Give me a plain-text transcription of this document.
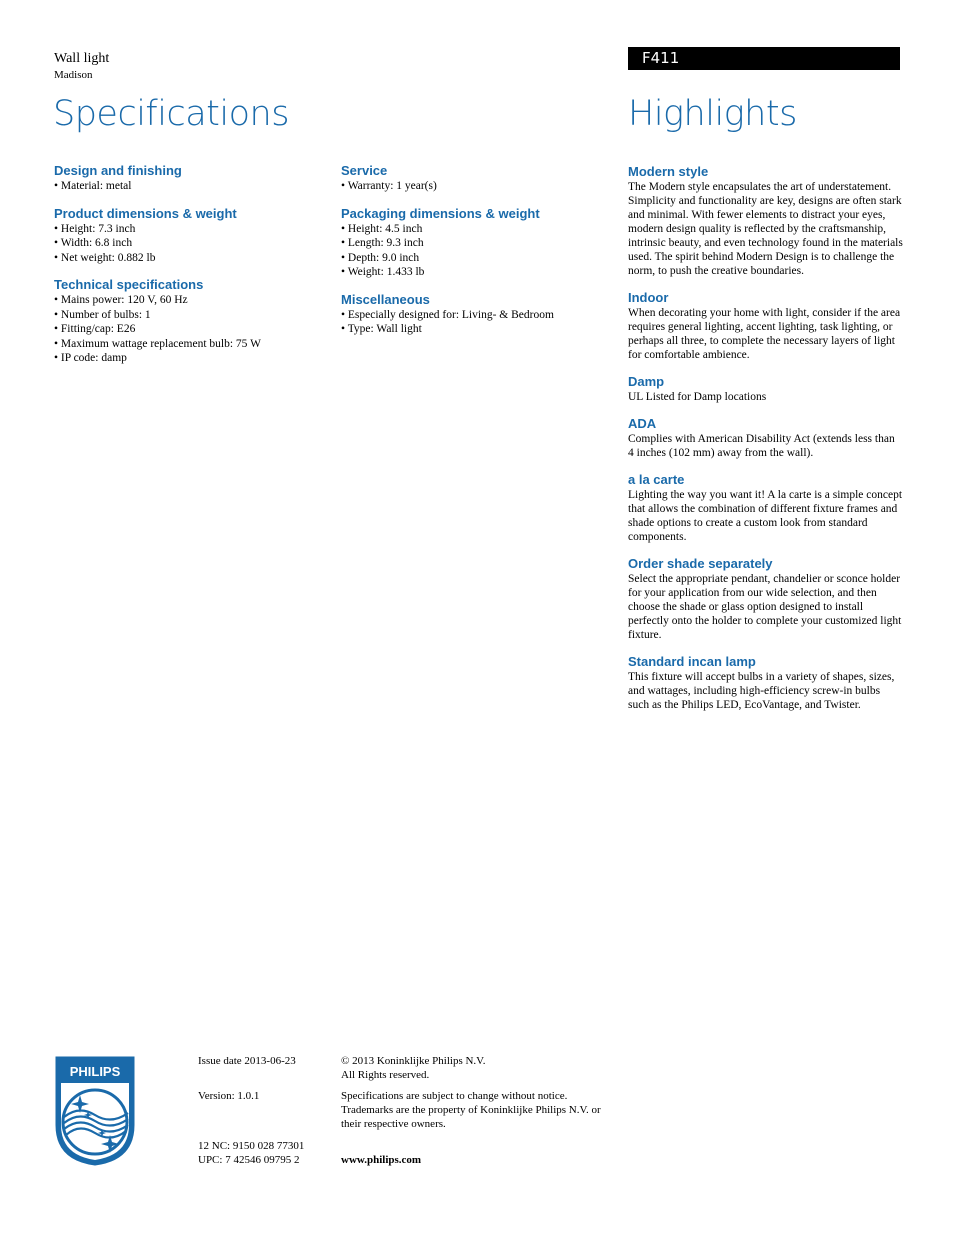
Wall light
Madison
Specifications
F411
Highlights
Design and finishing
• Material: metal
Product dimensions & weight
• Height: 7.3 inch
• Width: 6.8 inch
• Net weight: 0.882 lb
Technical specifications
• Mains power: 120 V, 60 Hz
• Number of bulbs: 1
• Fitting/cap: E26
• Maximum wattage replacement bulb: 75 W
• IP code: damp
Service
• Warranty: 1 year(s)
Packaging dimensions & weight
• Height: 4.5 inch
• Length: 9.3 inch
• Depth: 9.0 inch
• Weight: 1.433 lb
Miscellaneous
• Especially designed for: Living- & Bedroom
• Type: Wall light
Modern style
The Modern style encapsulates the art of understatement. Simplicity and functionality are key, designs are often stark and minimal. With fewer elements to distract your eyes, modern design quality is reflected by the craftsmanship, intrinsic beauty, and even technology found in the materials used. The spirit behind Modern Design is to challenge the norm, to push the creative boundaries.
Indoor
When decorating your home with light, consider if the area requires general lighting, accent lighting, task lighting, or perhaps all three, to complete the necessary layers of light for comfortable ambience.
Damp
UL Listed for Damp locations
ADA
Complies with American Disability Act (extends less than 4 inches (102 mm) away from the wall).
a la carte
Lighting the way you want it! A la carte is a simple concept that allows the combination of different fixture frames and shade options to create a custom look from standard components.
Order shade separately
Select the appropriate pendant, chandelier or sconce holder for your application from our wide selection, and then choose the shade or glass option designed to install perfectly onto the holder to complete your customized light fixture.
Standard incan lamp
This fixture will accept bulbs in a variety of shapes, sizes, and wattages, including high-efficiency screw-in bulbs such as the Philips LED, EcoVantage, and Twister.
PHILIPS
Issue date 2013-06-23
Version: 1.0.1
12 NC: 9150 028 77301
UPC: 7 42546 09795 2
© 2013 Koninklijke Philips N.V.
All Rights reserved.
Specifications are subject to change without notice. Trademarks are the property of Koninklijke Philips N.V. or their respective owners.
www.philips.com
